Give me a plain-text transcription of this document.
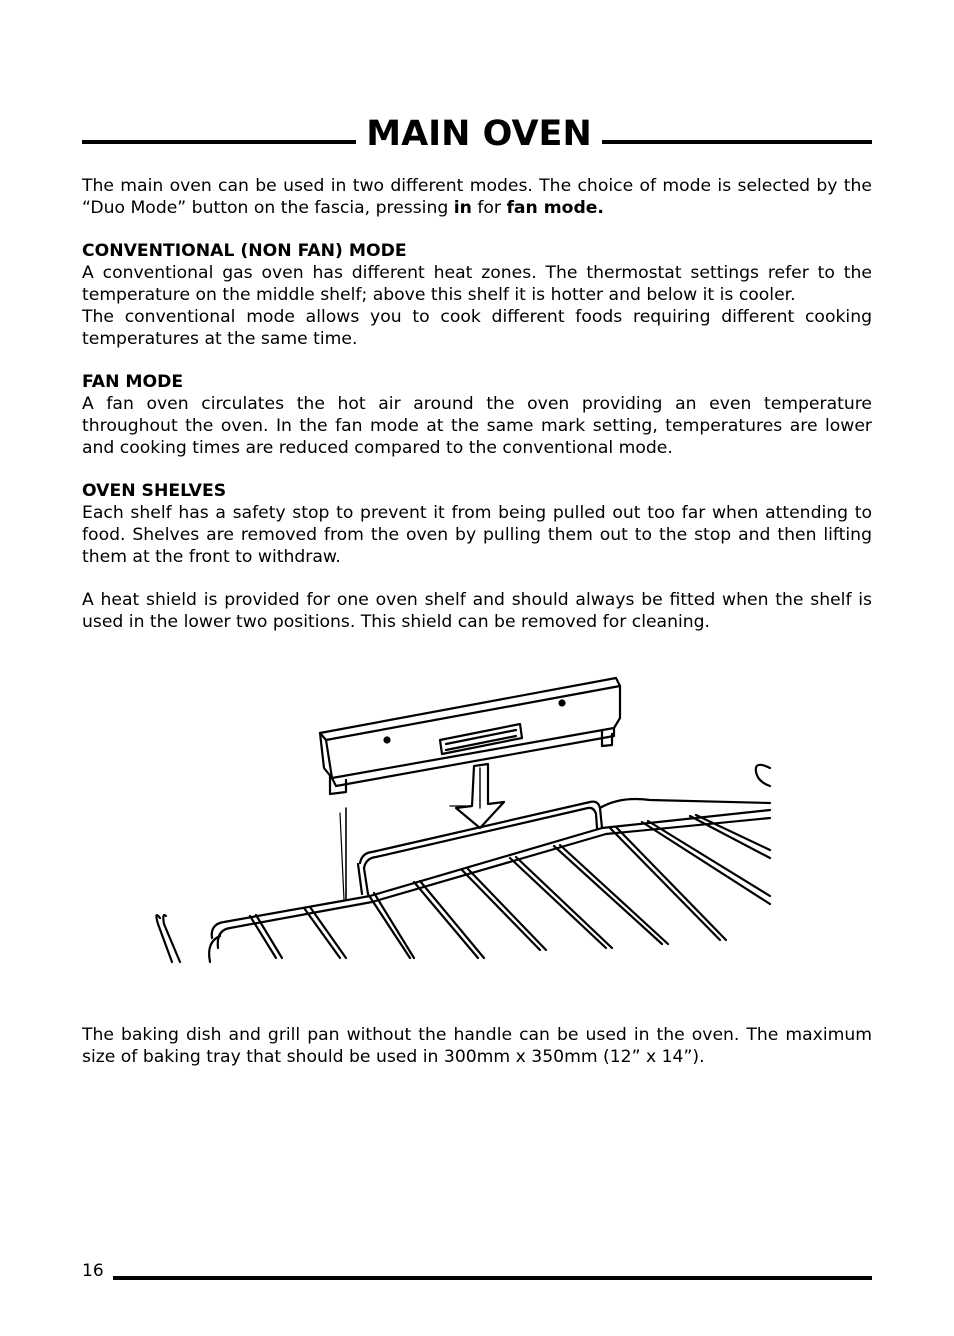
MAIN OVEN

The main oven can be used in two different modes. The choice of mode is selected by the “Duo Mode” button on the fascia, pressing in for fan mode.

CONVENTIONAL (NON FAN) MODE

A conventional gas oven has different heat zones. The thermostat settings refer to the temperature on the middle shelf; above this shelf it is hotter and below it is cooler.

The conventional mode allows you to cook different foods requiring different cooking temperatures at the same time.

FAN MODE

A fan oven circulates the hot air around the oven providing an even temperature throughout the oven. In the fan mode at the same mark setting, temperatures are lower and cooking times are reduced compared to the conventional mode.

OVEN SHELVES

Each shelf has a safety stop to prevent it from being pulled out too far when attending to food. Shelves are removed from the oven by pulling them out to the stop and then lifting them at the front to withdraw.

A heat shield is provided for one oven shelf and should always be fitted when the shelf is used in the lower two positions. This shield can be removed for cleaning.

The baking dish and grill pan without the handle can be used in the oven. The maximum size of baking tray that should be used in 300mm x 350mm (12” x 14”).

16
